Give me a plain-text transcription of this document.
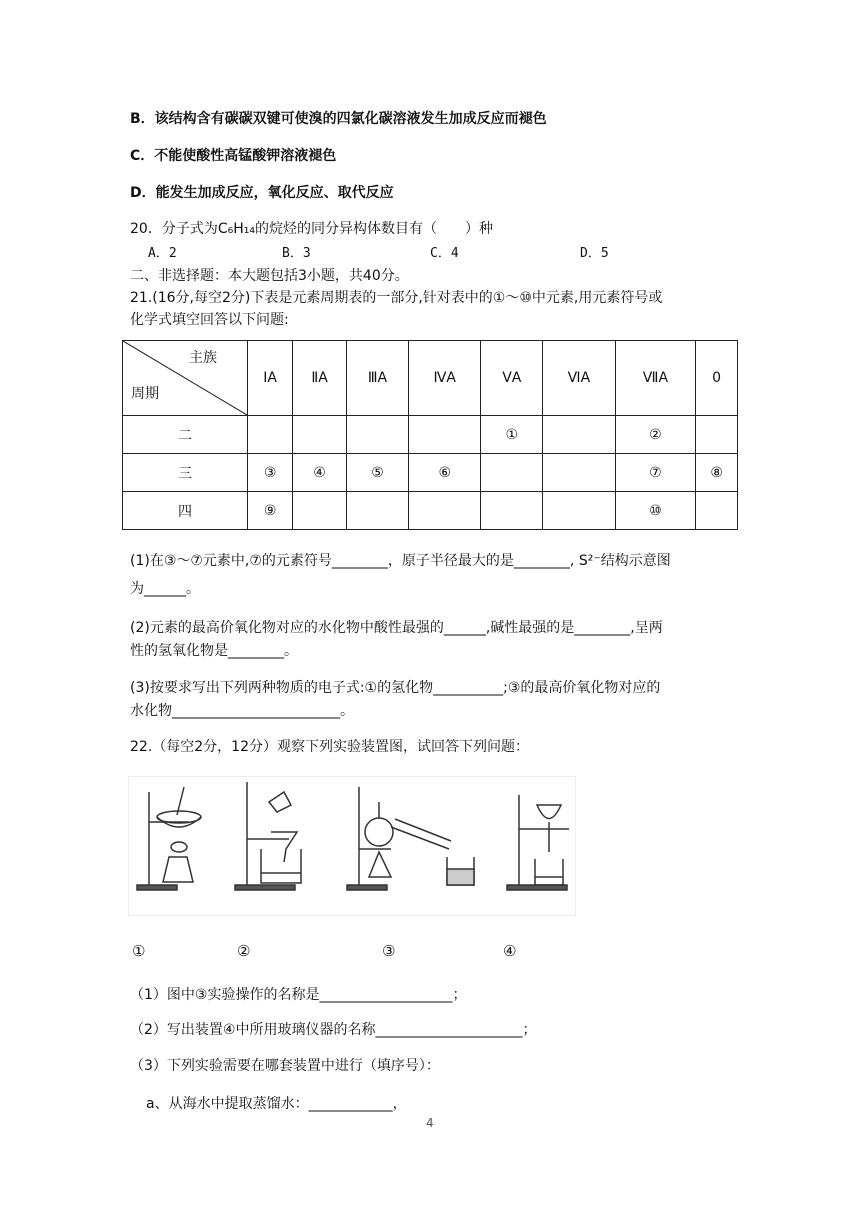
B．该结构含有碳碳双键可使溴的四氯化碳溶液发生加成反应而褪色
C．不能使酸性高锰酸钾溶液褪色
D．能发生加成反应，氧化反应、取代反应
20．分子式为C₆H₁₄的烷烃的同分异构体数目有（　　）种
A．2	B．3	C．4	D．5
二、非选择题：本大题包括3小题，共40分。
21.(16分,每空2分)下表是元素周期表的一部分,针对表中的①～⑩中元素,用元素符号或
化学式填空回答以下问题:
主族
周期	ⅠA	ⅡA	ⅢA	ⅣA	ⅤA	ⅥA	ⅦA	0
二					①		②	
三	③	④	⑤	⑥			⑦	⑧
四	⑨						⑩	
(1)在③～⑦元素中,⑦的元素符号________，原子半径最大的是________, S²⁻结构示意图
为______。
(2)元素的最高价氧化物对应的水化物中酸性最强的______,碱性最强的是________,呈两
性的氢氧化物是________。
(3)按要求写出下列两种物质的电子式:①的氢化物__________;③的最高价氧化物对应的
水化物________________________。
22.（每空2分，12分）观察下列实验装置图，试回答下列问题：
①	②	③	④
（1）图中③实验操作的名称是___________________；
（2）写出装置④中所用玻璃仪器的名称_____________________；
（3）下列实验需要在哪套装置中进行（填序号）：
a、从海水中提取蒸馏水：____________，
4
